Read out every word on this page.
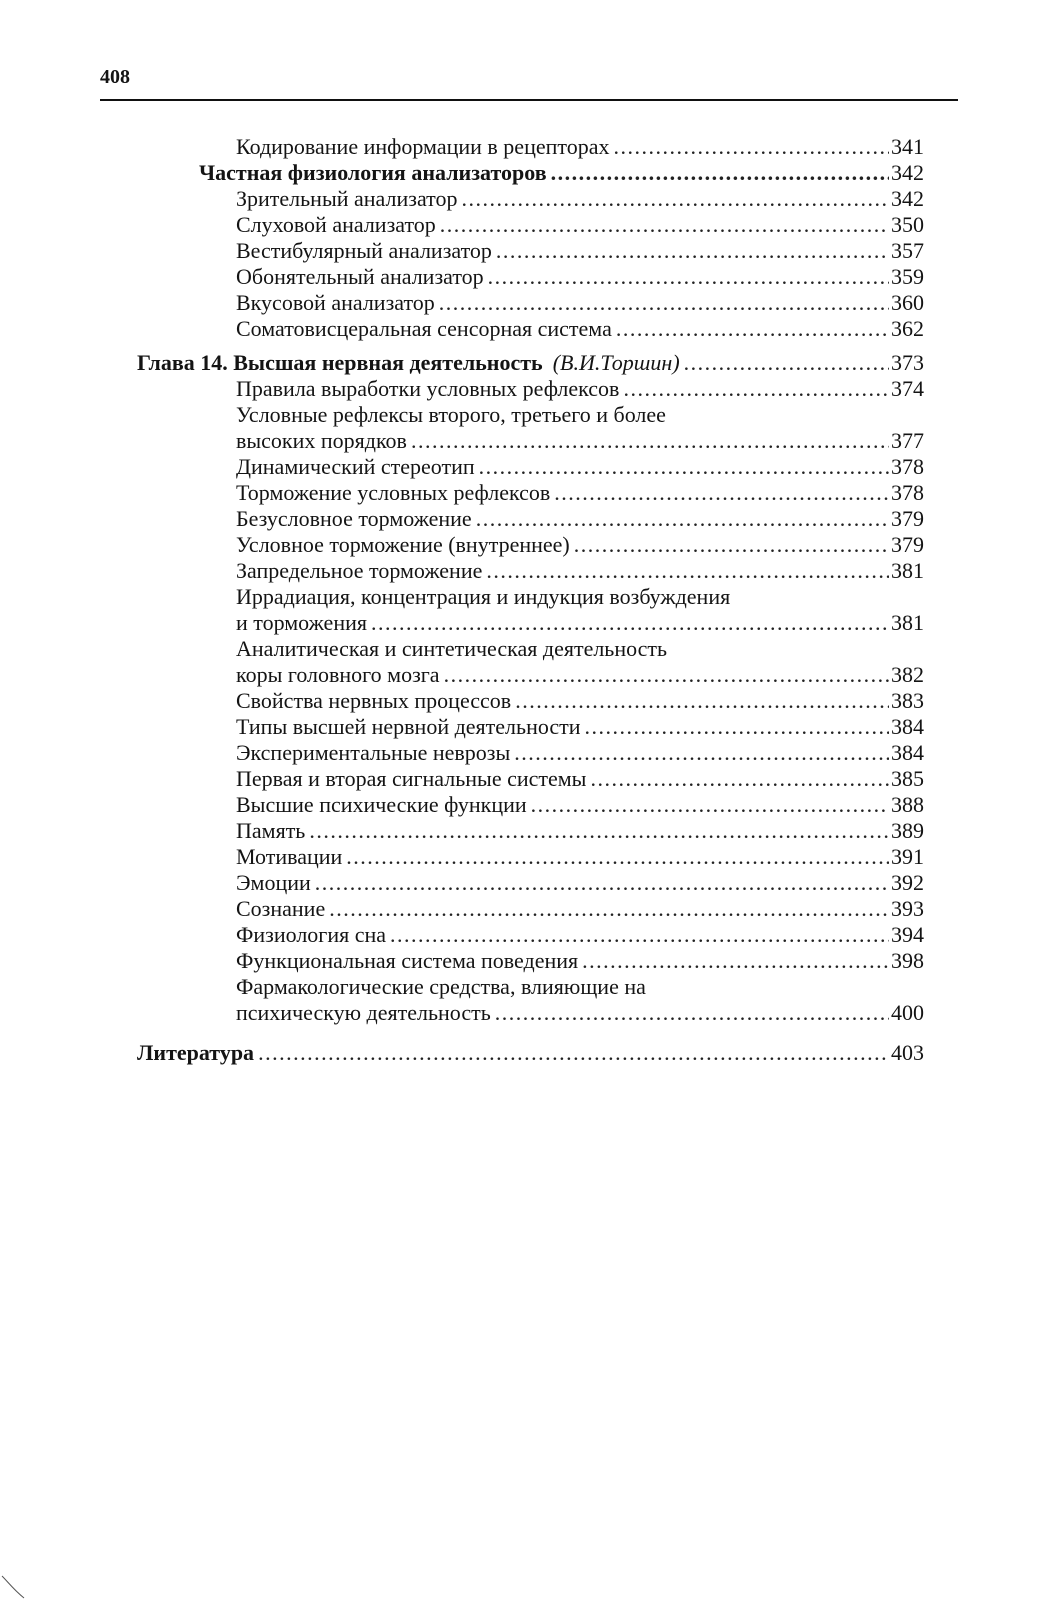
408
Кодирование информации в рецепторах . . .	341
Частная физиология анализаторов . . .	342
Зрительный анализатор . . .	342
Слуховой анализатор . . .	350
Вестибулярный анализатор . . .	357
Обонятельный анализатор . . .	359
Вкусовой анализатор . . .	360
Соматовисцеральная сенсорная система . . .	362
Глава 14. Высшая нервная деятельность (В.И.Торшин) . . .	373
Правила выработки условных рефлексов . . .	374
Условные рефлексы второго, третьего и более
высоких порядков . . .	377
Динамический стереотип . . .	378
Торможение условных рефлексов . . .	378
Безусловное торможение . . .	379
Условное торможение (внутреннее) . . .	379
Запредельное торможение . . .	381
Иррадиация, концентрация и индукция возбуждения
и торможения . . .	381
Аналитическая и синтетическая деятельность
коры головного мозга . . .	382
Свойства нервных процессов . . .	383
Типы высшей нервной деятельности . . .	384
Экспериментальные неврозы . . .	384
Первая и вторая сигнальные системы . . .	385
Высшие психические функции . . .	388
Память . . .	389
Мотивации . . .	391
Эмоции . . .	392
Сознание . . .	393
Физиология сна . . .	394
Функциональная система поведения . . .	398
Фармакологические средства, влияющие на
психическую деятельность . . .	400
Литература . . .	403
